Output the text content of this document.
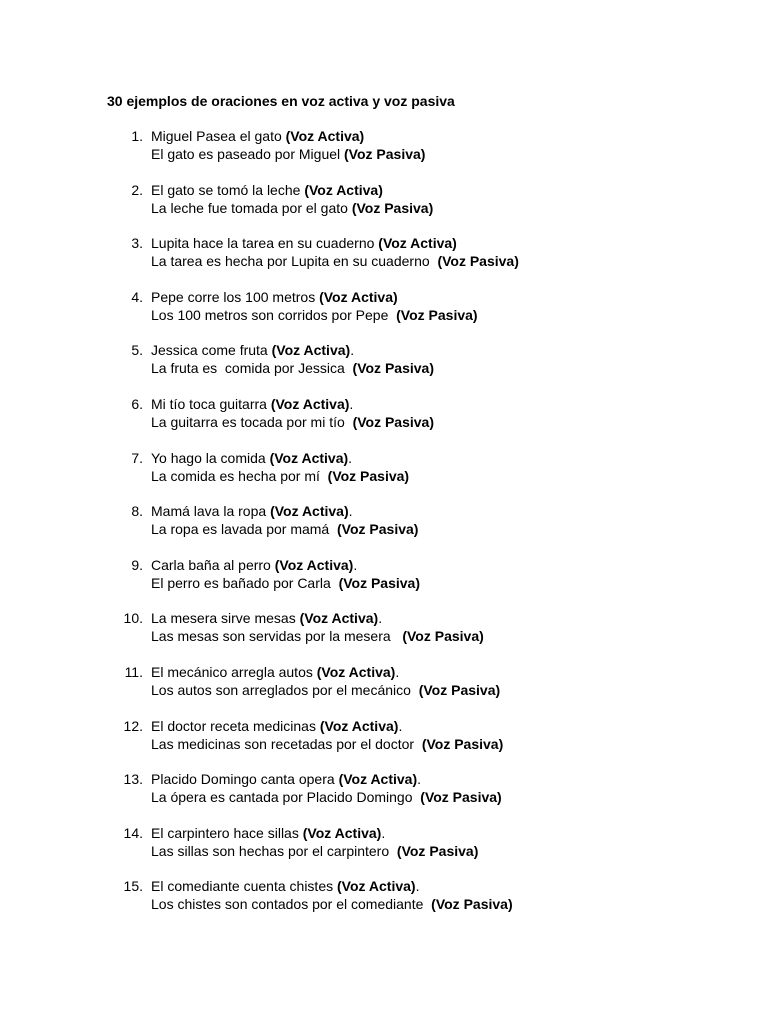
30 ejemplos de oraciones en voz activa y voz pasiva
1. Miguel Pasea el gato (Voz Activa)
El gato es paseado por Miguel (Voz Pasiva)
2. El gato se tomó la leche (Voz Activa)
La leche fue tomada por el gato (Voz Pasiva)
3. Lupita hace la tarea en su cuaderno (Voz Activa)
La tarea es hecha por Lupita en su cuaderno  (Voz Pasiva)
4. Pepe corre los 100 metros (Voz Activa)
Los 100 metros son corridos por Pepe  (Voz Pasiva)
5. Jessica come fruta (Voz Activa).
La fruta es  comida por Jessica  (Voz Pasiva)
6. Mi tío toca guitarra (Voz Activa).
La guitarra es tocada por mi tío  (Voz Pasiva)
7. Yo hago la comida (Voz Activa).
La comida es hecha por mí  (Voz Pasiva)
8. Mamá lava la ropa (Voz Activa).
La ropa es lavada por mamá  (Voz Pasiva)
9. Carla baña al perro (Voz Activa).
El perro es bañado por Carla  (Voz Pasiva)
10. La mesera sirve mesas (Voz Activa).
Las mesas son servidas por la mesera   (Voz Pasiva)
11. El mecánico arregla autos (Voz Activa).
Los autos son arreglados por el mecánico  (Voz Pasiva)
12. El doctor receta medicinas (Voz Activa).
Las medicinas son recetadas por el doctor  (Voz Pasiva)
13. Placido Domingo canta opera (Voz Activa).
La ópera es cantada por Placido Domingo  (Voz Pasiva)
14. El carpintero hace sillas (Voz Activa).
Las sillas son hechas por el carpintero  (Voz Pasiva)
15. El comediante cuenta chistes (Voz Activa).
Los chistes son contados por el comediante  (Voz Pasiva)
